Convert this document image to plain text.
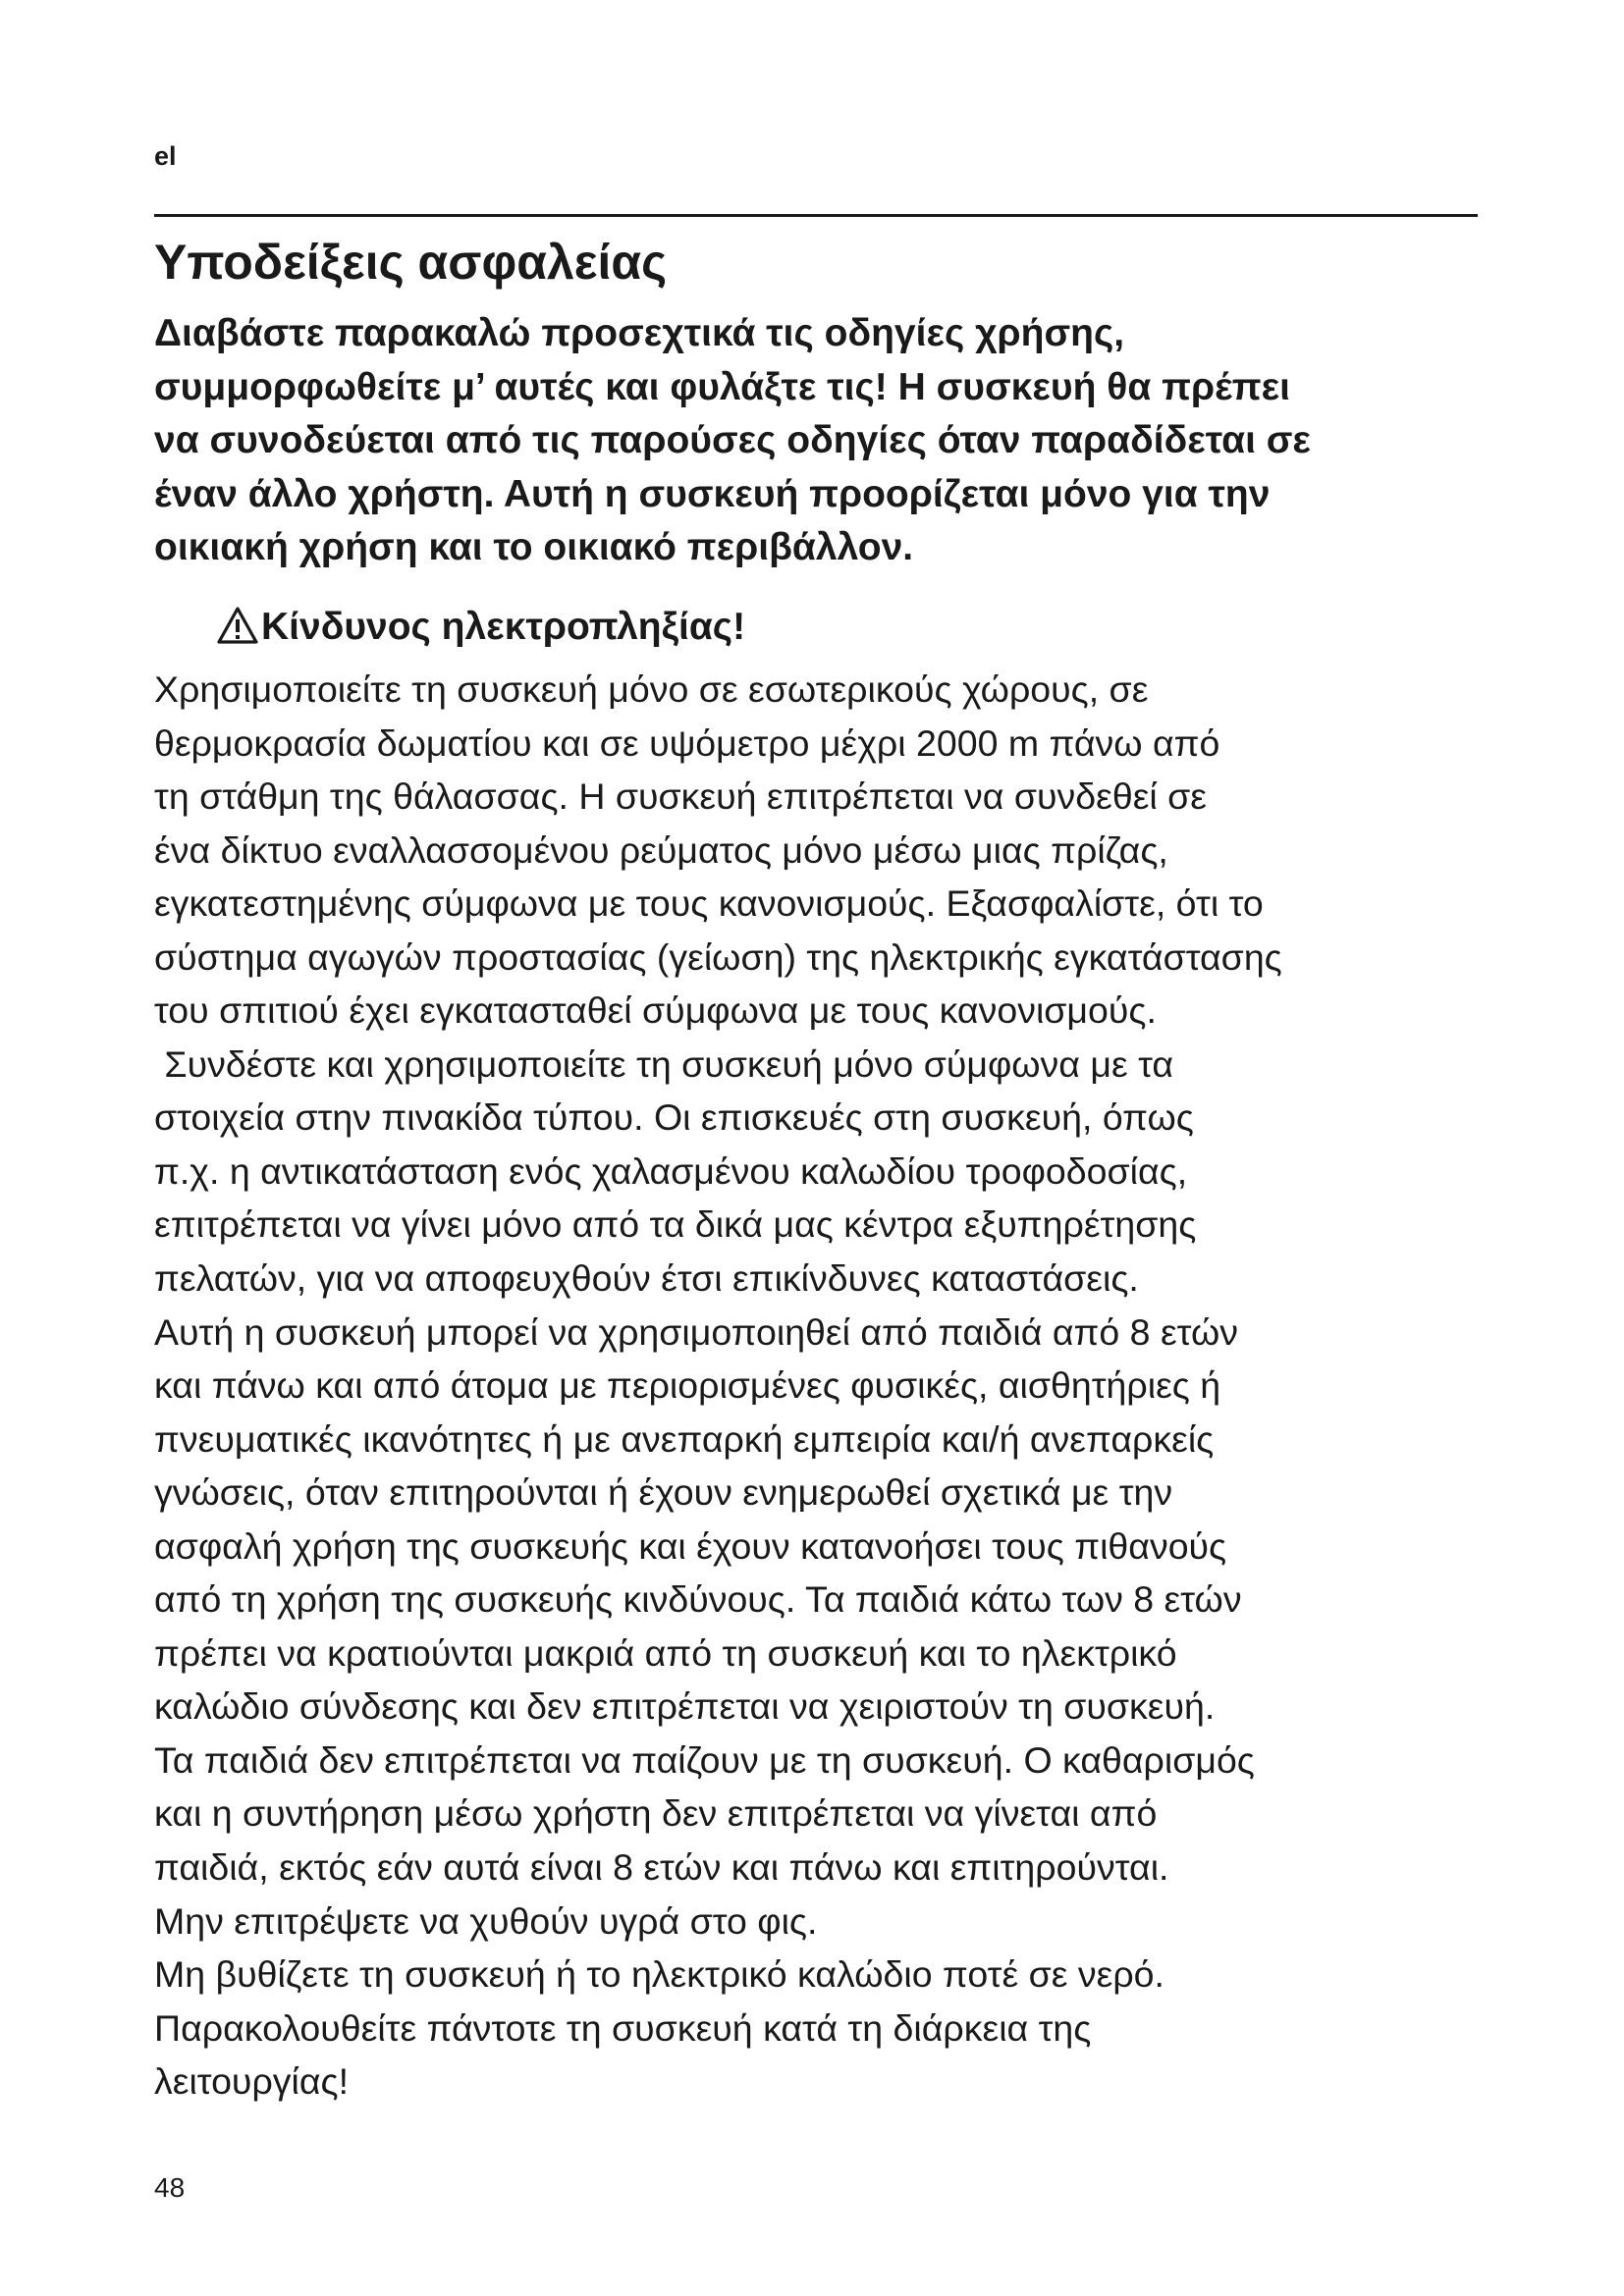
el
Υποδείξεις ασφαλείας

Διαβάστε παρακαλώ προσεχτικά τις οδηγίες χρήσης,
συμμορφωθείτε μ’ αυτές και φυλάξτε τις! Η συσκευή θα πρέπει
να συνοδεύεται από τις παρούσες οδηγίες όταν παραδίδεται σε
έναν άλλο χρήστη. Αυτή η συσκευή προορίζεται μόνο για την
οικιακή χρήση και το οικιακό περιβάλλον.

Κίνδυνος ηλεκτροπληξίας!

Χρησιμοποιείτε τη συσκευή μόνο σε εσωτερικούς χώρους, σε
θερμοκρασία δωματίου και σε υψόμετρο μέχρι 2000 m πάνω από
τη στάθμη της θάλασσας. Η συσκευή επιτρέπεται να συνδεθεί σε
ένα δίκτυο εναλλασσομένου ρεύματος μόνο μέσω μιας πρίζας,
εγκατεστημένης σύμφωνα με τους κανονισμούς. Εξασφαλίστε, ότι το
σύστημα αγωγών προστασίας (γείωση) της ηλεκτρικής εγκατάστασης
του σπιτιού έχει εγκατασταθεί σύμφωνα με τους κανονισμούς.
Συνδέστε και χρησιμοποιείτε τη συσκευή μόνο σύμφωνα με τα
στοιχεία στην πινακίδα τύπου. Οι επισκευές στη συσκευή, όπως
π.χ. η αντικατάσταση ενός χαλασμένου καλωδίου τροφοδοσίας,
επιτρέπεται να γίνει μόνο από τα δικά μας κέντρα εξυπηρέτησης
πελατών, για να αποφευχθούν έτσι επικίνδυνες καταστάσεις.
Αυτή η συσκευή μπορεί να χρησιμοποιηθεί από παιδιά από 8 ετών
και πάνω και από άτομα με περιορισμένες φυσικές, αισθητήριες ή
πνευματικές ικανότητες ή με ανεπαρκή εμπειρία και/ή ανεπαρκείς
γνώσεις, όταν επιτηρούνται ή έχουν ενημερωθεί σχετικά με την
ασφαλή χρήση της συσκευής και έχουν κατανοήσει τους πιθανούς
από τη χρήση της συσκευής κινδύνους. Τα παιδιά κάτω των 8 ετών
πρέπει να κρατιούνται μακριά από τη συσκευή και το ηλεκτρικό
καλώδιο σύνδεσης και δεν επιτρέπεται να χειριστούν τη συσκευή.
Τα παιδιά δεν επιτρέπεται να παίζουν με τη συσκευή. Ο καθαρισμός
και η συντήρηση μέσω χρήστη δεν επιτρέπεται να γίνεται από
παιδιά, εκτός εάν αυτά είναι 8 ετών και πάνω και επιτηρούνται.
Μην επιτρέψετε να χυθούν υγρά στο φις.
Μη βυθίζετε τη συσκευή ή το ηλεκτρικό καλώδιο ποτέ σε νερό.
Παρακολουθείτε πάντοτε τη συσκευή κατά τη διάρκεια της
λειτουργίας!

48
